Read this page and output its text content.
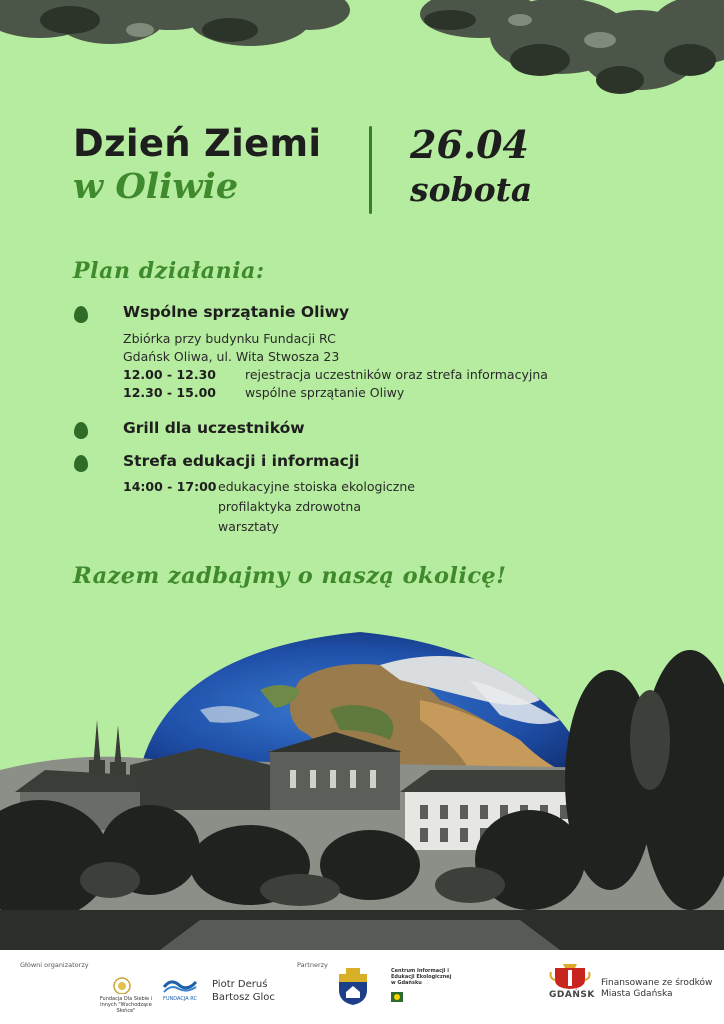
Dzień Ziemi
w Oliwie
26.04
sobota
Plan działania:
Wspólne sprzątanie Oliwy
Zbiórka przy budynku Fundacji RC
Gdańsk Oliwa, ul. Wita Stwosza 23
12.00 - 12.30 rejestracja uczestników oraz strefa informacyjna
12.30 - 15.00 wspólne sprzątanie Oliwy
Grill dla uczestników
Strefa edukacji i informacji
14:00 - 17:00 edukacyjne stoiska ekologiczne
profilaktyka zdrowotna
warsztaty
Razem zadbajmy o naszą okolicę!
Główni organizatorzy
Fundacja Dla Siebie i Innych "Wschodzące Słońce"
FUNDACJA RC
Piotr Deruś
Bartosz Gloc
Partnerzy
Centrum Informacji i Edukacji Ekologicznej w Gdańsku
GDAŃSK
Finansowane ze środków
Miasta Gdańska
